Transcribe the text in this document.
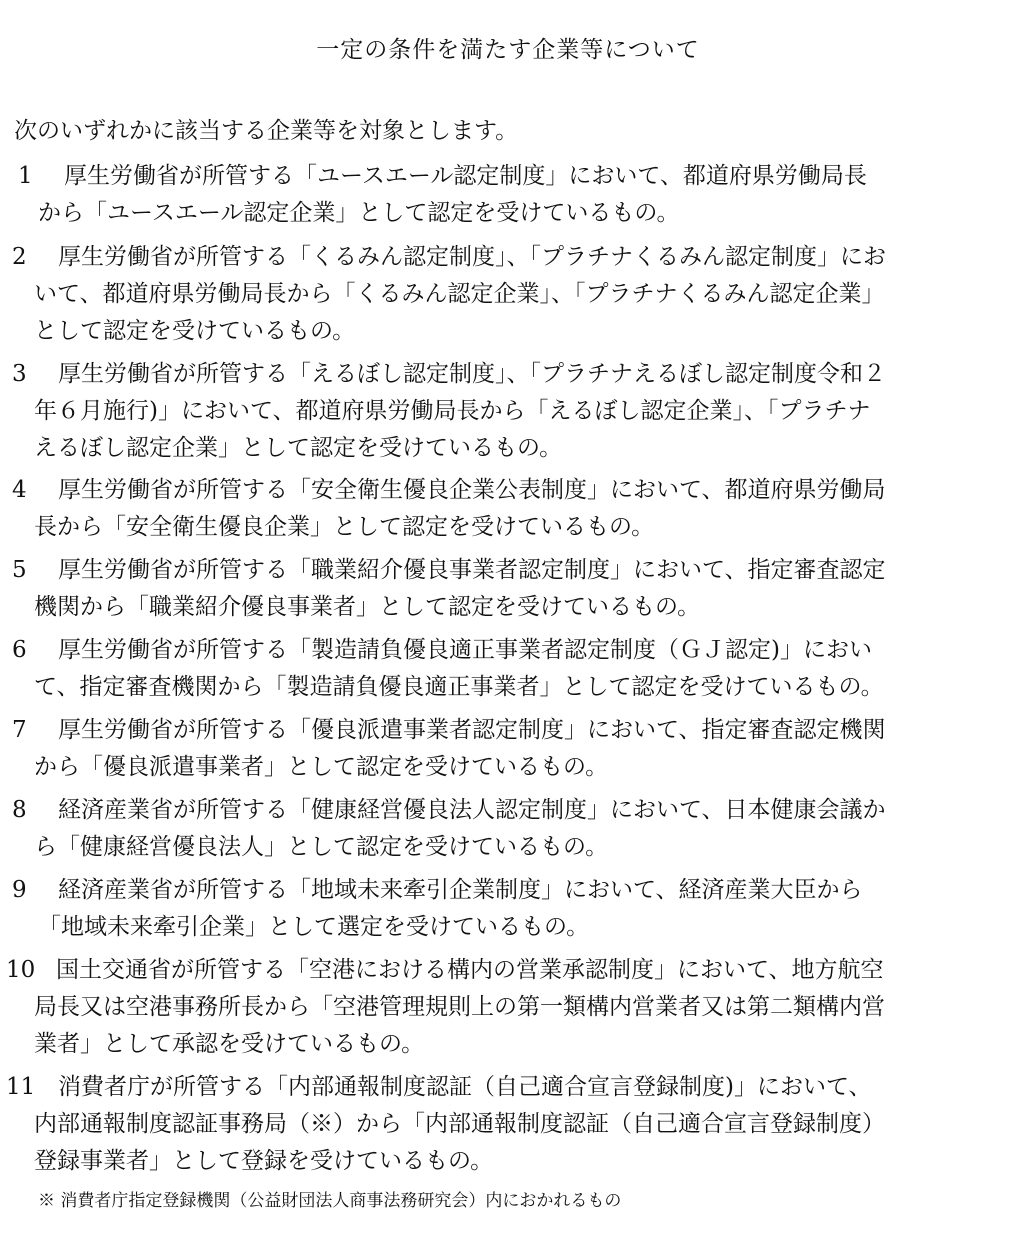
一定の条件を満たす企業等について
次のいずれかに該当する企業等を対象とします。
1 厚生労働省が所管する「ユースエール認定制度」において、都道府県労働局長
から「ユースエール認定企業」として認定を受けているもの。
2 厚生労働省が所管する「くるみん認定制度」、「プラチナくるみん認定制度」にお
いて、都道府県労働局長から「くるみん認定企業」、「プラチナくるみん認定企業」
として認定を受けているもの。
3 厚生労働省が所管する「えるぼし認定制度」、「プラチナえるぼし認定制度令和２
年６月施行)」において、都道府県労働局長から「えるぼし認定企業」、「プラチナ
えるぼし認定企業」として認定を受けているもの。
4 厚生労働省が所管する「安全衛生優良企業公表制度」において、都道府県労働局
長から「安全衛生優良企業」として認定を受けているもの。
5 厚生労働省が所管する「職業紹介優良事業者認定制度」において、指定審査認定
機関から「職業紹介優良事業者」として認定を受けているもの。
6 厚生労働省が所管する「製造請負優良適正事業者認定制度（ＧＪ認定)」におい
て、指定審査機関から「製造請負優良適正事業者」として認定を受けているもの。
7 厚生労働省が所管する「優良派遣事業者認定制度」において、指定審査認定機関
から「優良派遣事業者」として認定を受けているもの。
8 経済産業省が所管する「健康経営優良法人認定制度」において、日本健康会議か
ら「健康経営優良法人」として認定を受けているもの。
9 経済産業省が所管する「地域未来牽引企業制度」において、経済産業大臣から
「地域未来牽引企業」として選定を受けているもの。
10 国土交通省が所管する「空港における構内の営業承認制度」において、地方航空
局長又は空港事務所長から「空港管理規則上の第一類構内営業者又は第二類構内営
業者」として承認を受けているもの。
11 消費者庁が所管する「内部通報制度認証（自己適合宣言登録制度)」において、
内部通報制度認証事務局（※）から「内部通報制度認証（自己適合宣言登録制度）
登録事業者」として登録を受けているもの。
※ 消費者庁指定登録機関（公益財団法人商事法務研究会）内におかれるもの
